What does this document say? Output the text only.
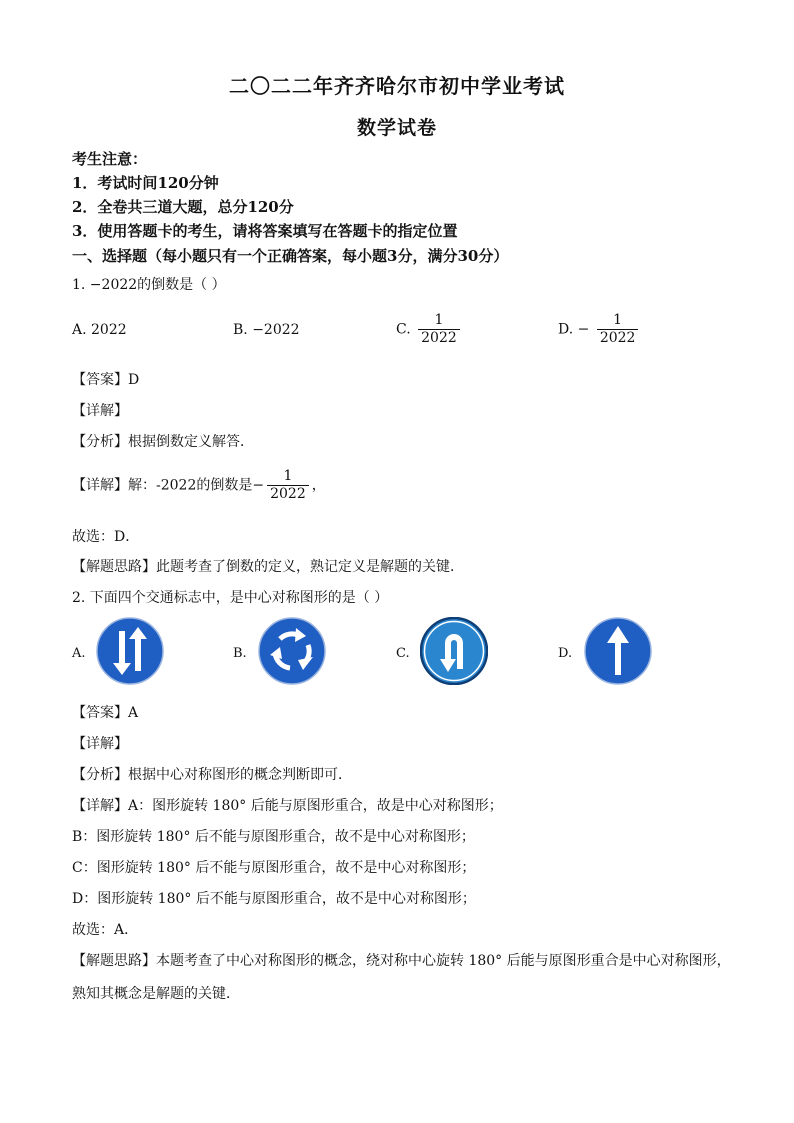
二〇二二年齐齐哈尔市初中学业考试
数学试卷
考生注意：
1．考试时间120分钟
2．全卷共三道大题，总分120分
3．使用答题卡的考生，请将答案填写在答题卡的指定位置
一、选择题（每小题只有一个正确答案，每小题3分，满分30分）
1. −2022的倒数是（ ）
A. 2022	B. −2022	C. $\frac{1}{2022}$	D. − $\frac{1}{2022}$
【答案】D
【详解】
【分析】根据倒数定义解答．
【详解】解：-2022的倒数是− $\frac{1}{2022}$ ，
故选：D．
【解题思路】此题考查了倒数的定义，熟记定义是解题的关键．
2. 下面四个交通标志中，是中心对称图形的是（ ）
A.	B.	C.	D.
【答案】A
【详解】
【分析】根据中心对称图形的概念判断即可．
【详解】A：图形旋转 180° 后能与原图形重合，故是中心对称图形；
B：图形旋转 180° 后不能与原图形重合，故不是中心对称图形；
C：图形旋转 180° 后不能与原图形重合，故不是中心对称图形；
D：图形旋转 180° 后不能与原图形重合，故不是中心对称图形；
故选：A．
【解题思路】本题考查了中心对称图形的概念，绕对称中心旋转 180° 后能与原图形重合是中心对称图形，
熟知其概念是解题的关键．
